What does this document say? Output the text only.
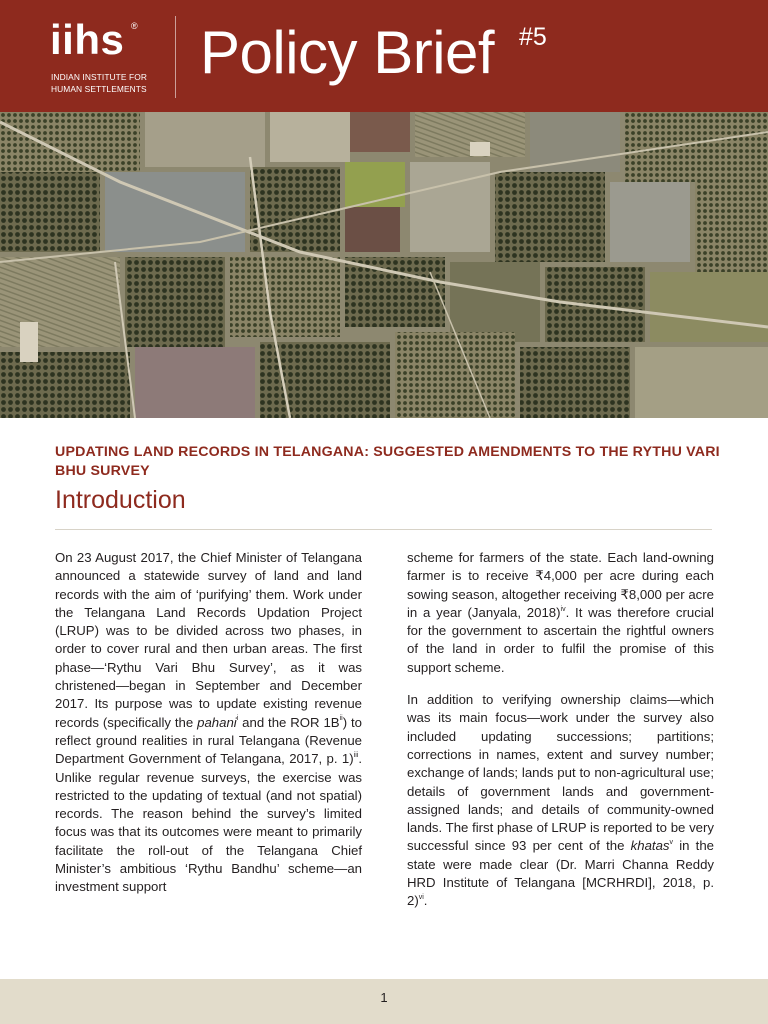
iihs ®
INDIAN INSTITUTE FOR
HUMAN SETTLEMENTS
Policy Brief #5
UPDATING LAND RECORDS IN TELANGANA: SUGGESTED AMENDMENTS TO THE RYTHU VARI BHU SURVEY
Introduction

On 23 August 2017, the Chief Minister of Telangana announced a statewide survey of land and land records with the aim of ‘purifying’ them. Work under the Telangana Land Records Updation Project (LRUP) was to be divided across two phases, in order to cover rural and then urban areas. The first phase—‘Rythu Vari Bhu Survey’, as it was christened—began in September and December 2017. Its purpose was to update existing revenue records (specifically the pahani$^i$ and the ROR $1B^{ii}$) to reflect ground realities in rural Telangana (Revenue Department Government of Telangana, 2017, p. 1)$^{iii}$. Unlike regular revenue surveys, the exercise was restricted to the updating of textual (and not spatial) records. The reason behind the survey’s limited focus was that its outcomes were meant to primarily facilitate the roll-out of the Telangana Chief Minister’s ambitious ‘Rythu Bandhu’ scheme—an investment support

scheme for farmers of the state. Each land-owning farmer is to receive ₹4,000 per acre during each sowing season, altogether receiving ₹8,000 per acre in a year (Janyala, 2018)$^{iv}$. It was therefore crucial for the government to ascertain the rightful owners of the land in order to fulfil the promise of this support scheme.

In addition to verifying ownership claims—which was its main focus—work under the survey also included updating successions; partitions; corrections in names, extent and survey number; exchange of lands; lands put to non-agricultural use; details of government lands and government-assigned lands; and details of community-owned lands. The first phase of LRUP is reported to be very successful since 93 per cent of the khatas$^v$ in the state were made clear (Dr. Marri Channa Reddy HRD Institute of Telangana [MCRHRDI], 2018, p. 2)$^{vi}$.

1
